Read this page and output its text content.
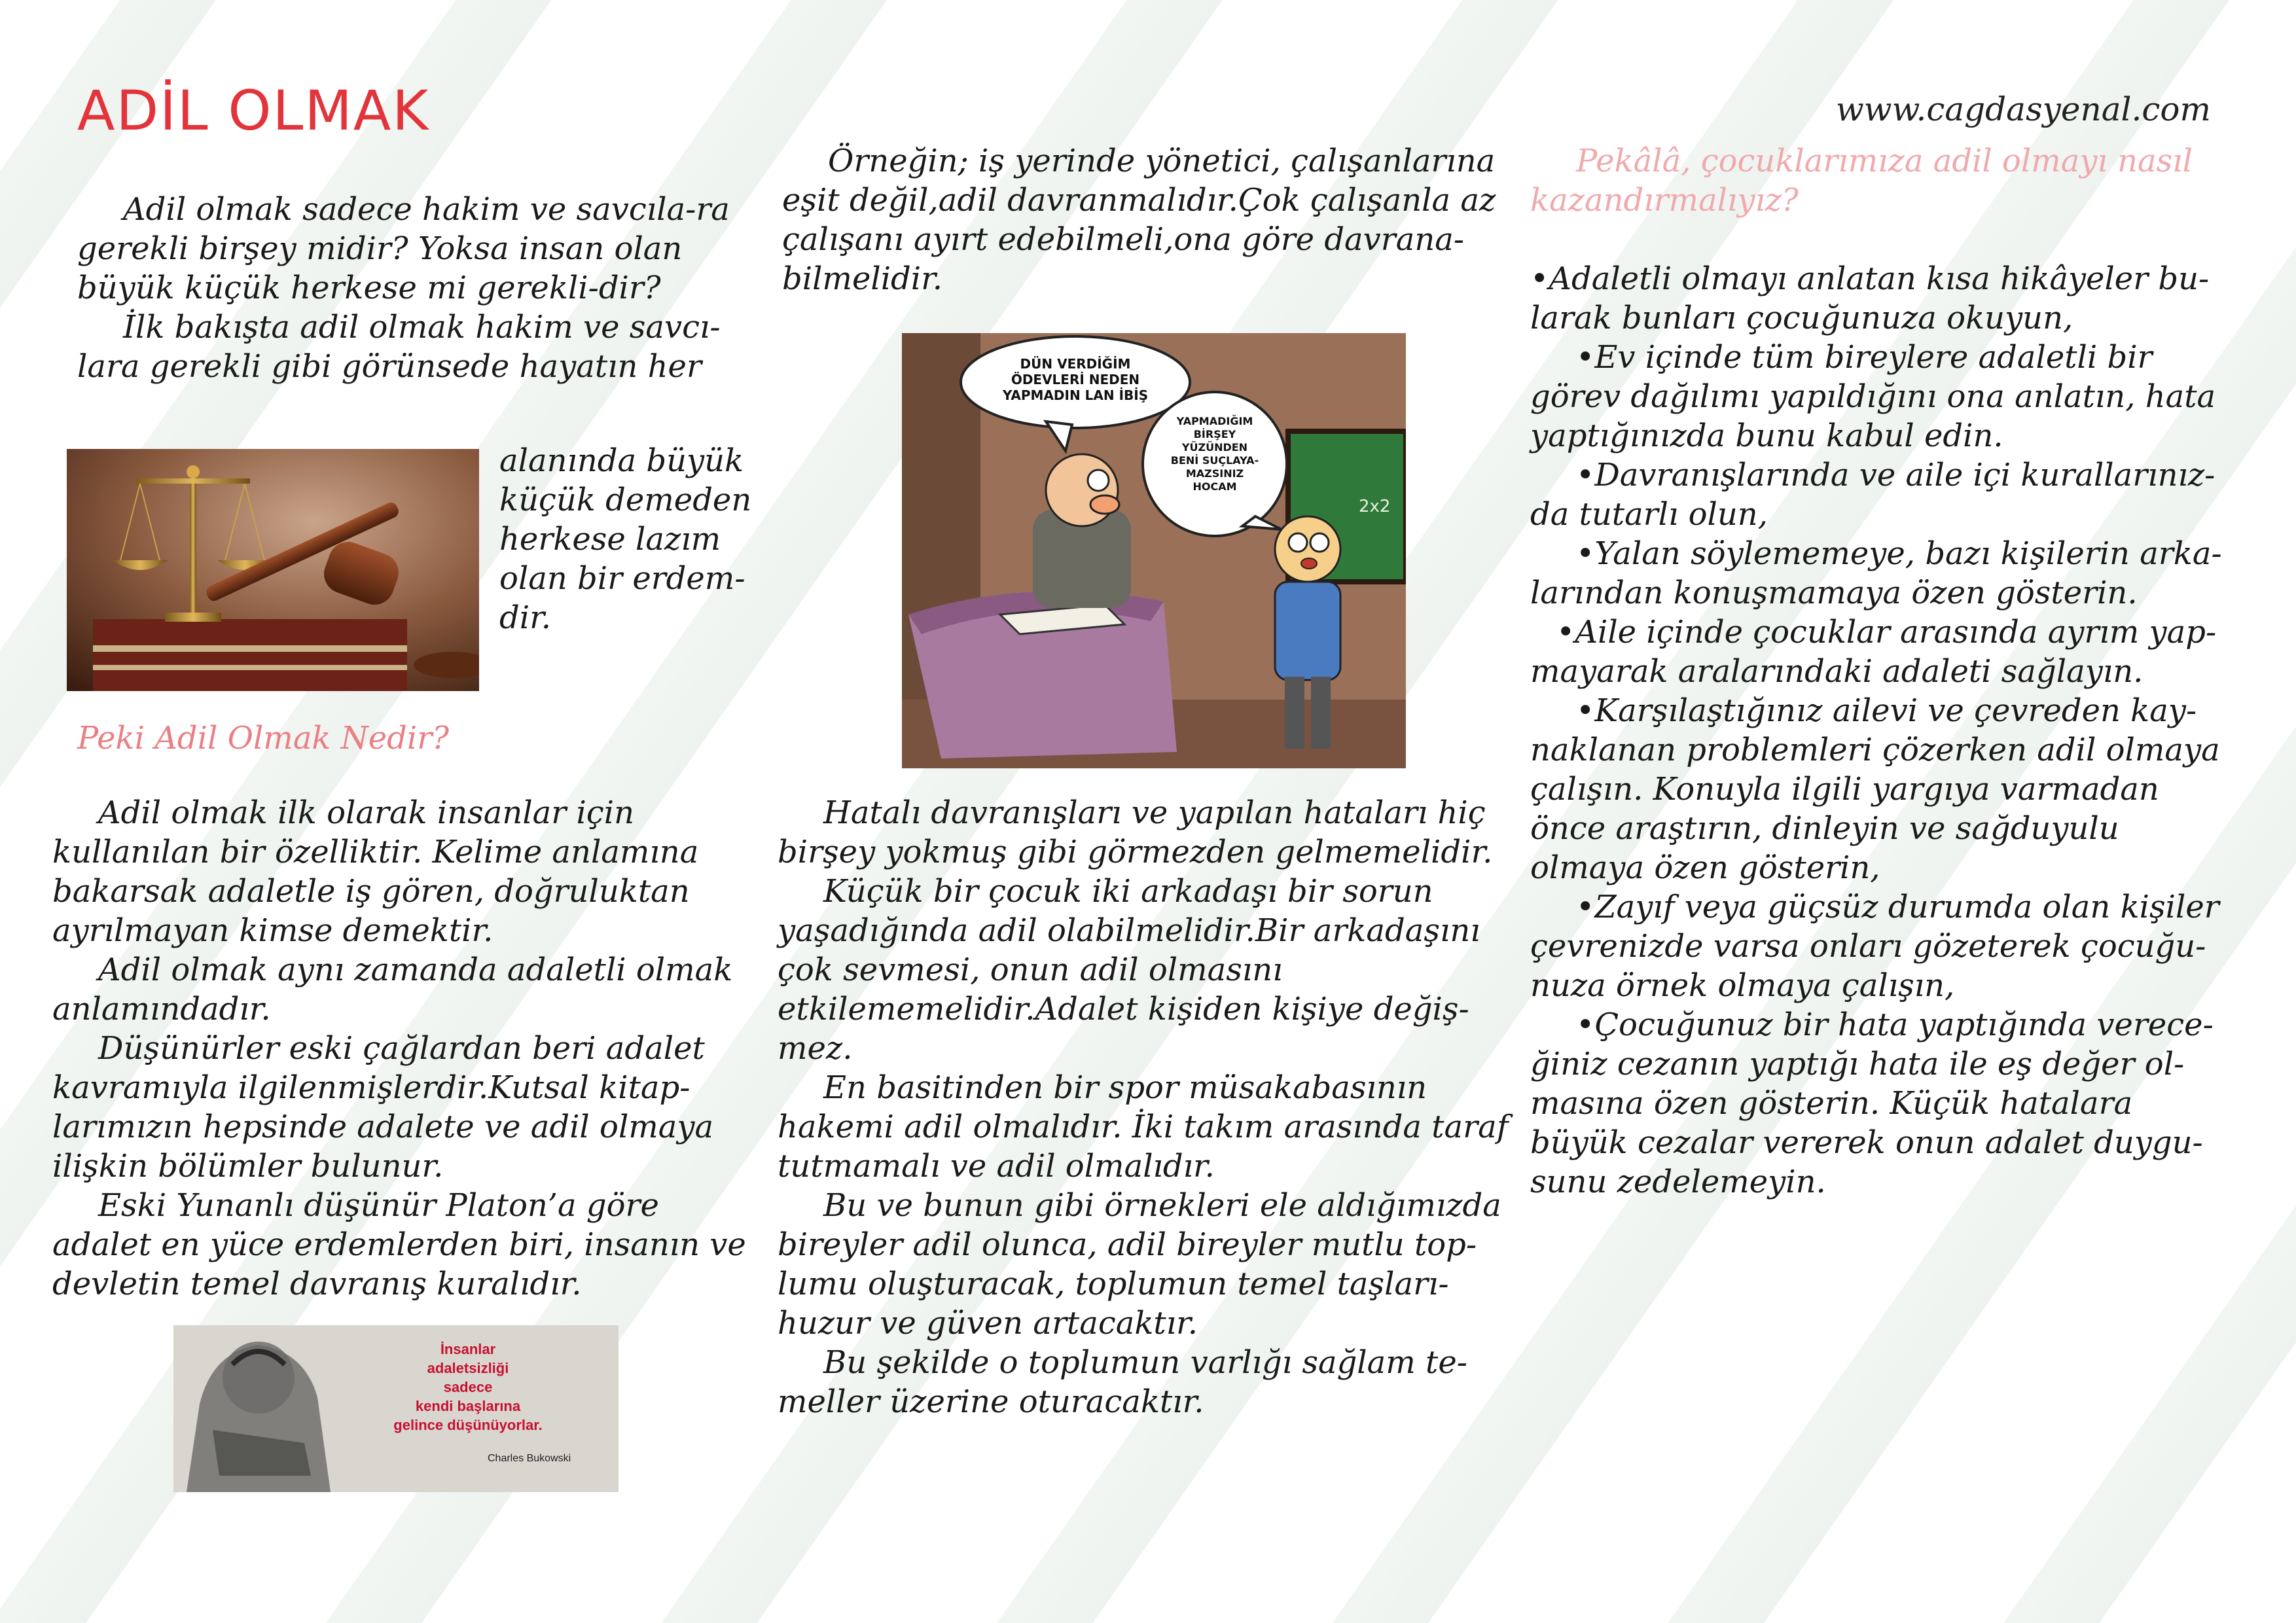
ADİL OLMAK	www.cagdasyenal.com

Adil olmak sadece hakim ve savcıla-ra gerekli birşey midir? Yoksa insan olan büyük küçük herkese mi gerekli-dir?

İlk bakışta adil olmak hakim ve savcı-lara gerekli gibi görünsede hayatın her

alanında büyük

küçük demeden

herkese lazım

olan bir erdem-

dir.

Peki Adil Olmak Nedir?

Adil olmak ilk olarak insanlar için kullanılan bir özelliktir. Kelime anlamına bakarsak adaletle iş gören, doğruluktan ayrılmayan kimse demektir.

Adil olmak aynı zamanda adaletli olmak anlamındadır.

Düşünürler eski çağlardan beri adalet kavramıyla ilgilenmişlerdir.Kutsal kitap-larımızın hepsinde adalete ve adil olmaya ilişkin bölümler bulunur.

Eski Yunanlı düşünür Platon’a göre adalet en yüce erdemlerden biri, insanın ve devletin temel davranış kuralıdır.

İnsanlar
adaletsizliği
sadece
kendi başlarına
gelince düşünüyorlar.
Charles Bukowski

Örneğin; iş yerinde yönetici, çalışanlarına eşit değil,adil davranmalıdır.Çok çalışanla az çalışanı ayırt edebilmeli,ona göre davrana-bilmelidir.

DÜN VERDİĞİM
ÖDEVLERİ NEDEN
YAPMADIN LAN İBİŞ
YAPMADIĞIM
BİRŞEY
YÜZÜNDEN
BENİ SUÇLAYA-
MAZSINIZ
HOCAM
2x2

Hatalı davranışları ve yapılan hataları hiç birşey yokmuş gibi görmezden gelmemelidir.

Küçük bir çocuk iki arkadaşı bir sorun yaşadığında adil olabilmelidir.Bir arkadaşını çok sevmesi, onun adil olmasını etkilememelidir.Adalet kişiden kişiye değiş-mez.

En basitinden bir spor müsakabasının hakemi adil olmalıdır. İki takım arasında taraf tutmamalı ve adil olmalıdır.

Bu ve bunun gibi örnekleri ele aldığımızda bireyler adil olunca, adil bireyler mutlu top-lumu oluşturacak, toplumun temel taşları-huzur ve güven artacaktır.

Bu şekilde o toplumun varlığı sağlam te-meller üzerine oturacaktır.

Pekâlâ, çocuklarımıza adil olmayı nasıl kazandırmalıyız?

•Adaletli olmayı anlatan kısa hikâyeler bu-larak bunları çocuğunuza okuyun,

•Ev içinde tüm bireylere adaletli bir görev dağılımı yapıldığını ona anlatın, hata yaptığınızda bunu kabul edin.

•Davranışlarında ve aile içi kurallarınız-da tutarlı olun,

•Yalan söylememeye, bazı kişilerin arka-larından konuşmamaya özen gösterin.

•Aile içinde çocuklar arasında ayrım yap-mayarak aralarındaki adaleti sağlayın.

•Karşılaştığınız ailevi ve çevreden kay-naklanan problemleri çözerken adil olmaya çalışın. Konuyla ilgili yargıya varmadan önce araştırın, dinleyin ve sağduyulu olmaya özen gösterin,

•Zayıf veya güçsüz durumda olan kişiler çevrenizde varsa onları gözeterek çocuğu-nuza örnek olmaya çalışın,

•Çocuğunuz bir hata yaptığında verece-ğiniz cezanın yaptığı hata ile eş değer ol-masına özen gösterin. Küçük hatalara büyük cezalar vererek onun adalet duygu-sunu zedelemeyin.
